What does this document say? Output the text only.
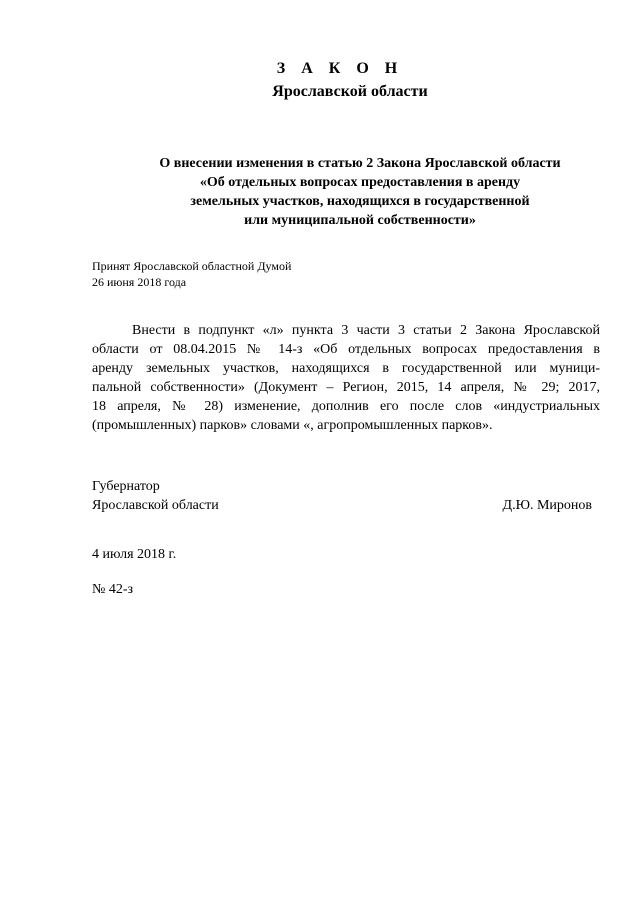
З А К О Н
Ярославской области
О внесении изменения в статью 2 Закона Ярославской области
«Об отдельных вопросах предоставления в аренду
земельных участков, находящихся в государственной
или муниципальной собственности»
Принят Ярославской областной Думой
26 июня 2018 года
Внести в подпункт «л» пункта 3 части 3 статьи 2 Закона Ярославской
области от 08.04.2015 № 14-з «Об отдельных вопросах предоставления в
аренду земельных участков, находящихся в государственной или муници-
пальной собственности» (Документ – Регион, 2015, 14 апреля, № 29; 2017,
18 апреля, № 28) изменение, дополнив его после слов «индустриальных
(промышленных) парков» словами «, агропромышленных парков».
Губернатор
Ярославской области	Д.Ю. Миронов
4 июля 2018 г.
№ 42-з
